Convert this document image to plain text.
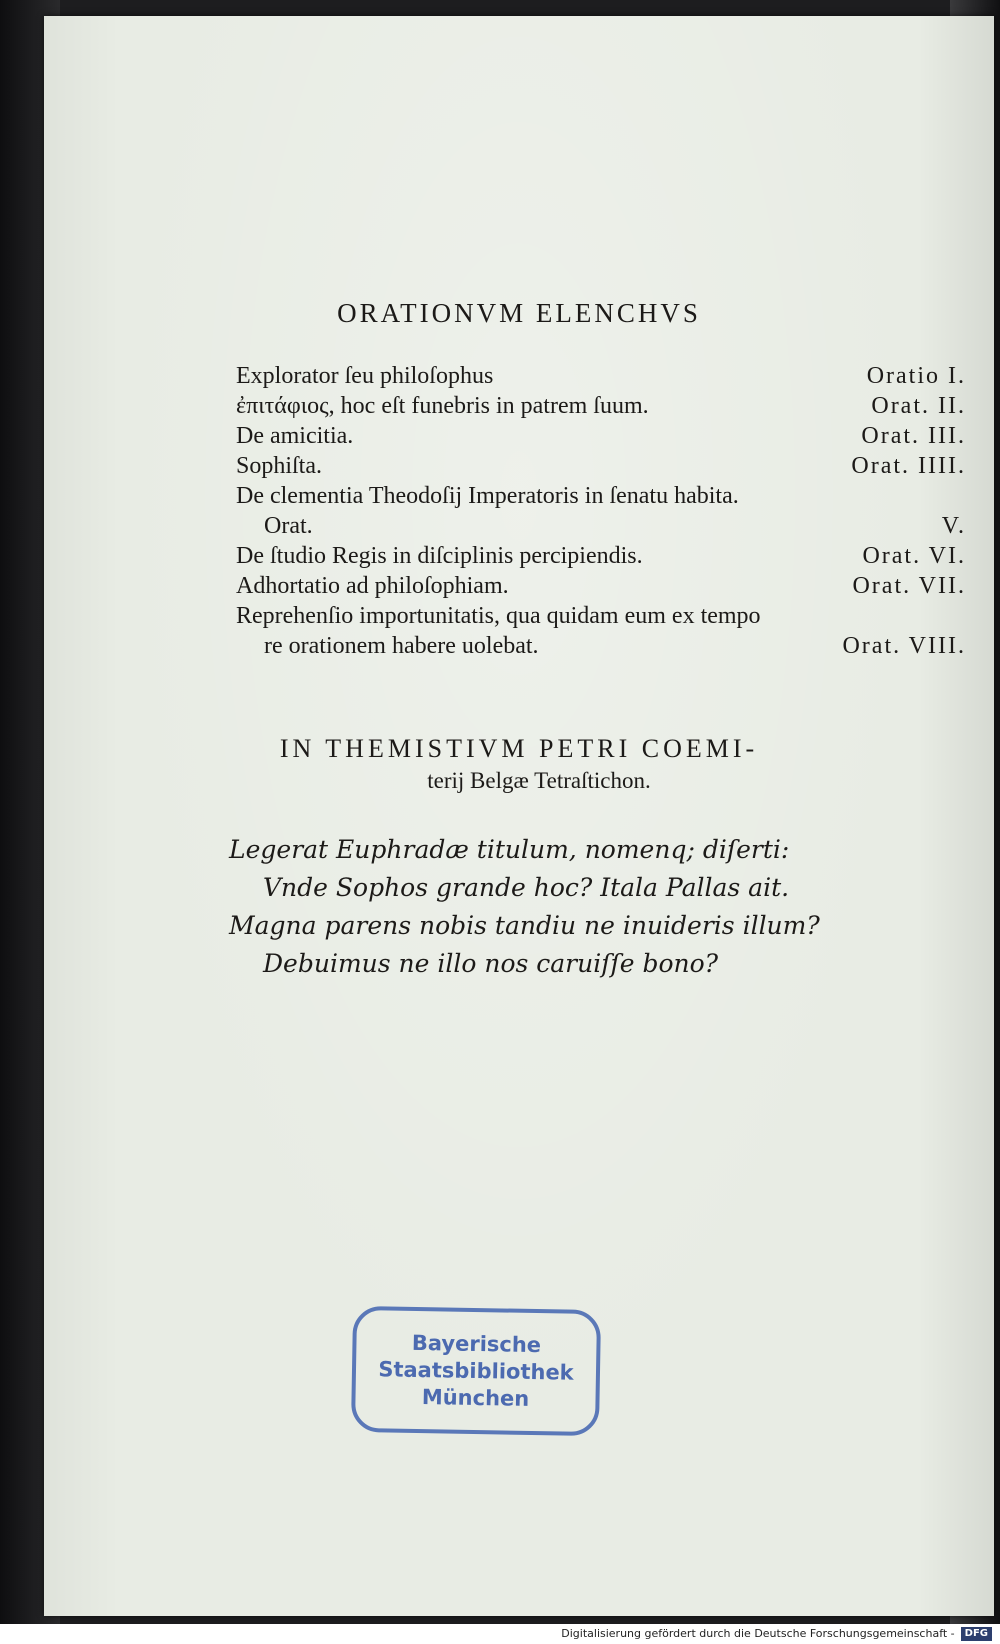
ORATIONVM ELENCHVS
Explorator ſeu philoſophus	Oratio I.
ἐπιτάφιος, hoc eſt funebris in patrem ſuum.	Orat. II.
De amicitia.	Orat. III.
Sophiſta.	Orat. IIII.
De clementia Theodoſij Imperatoris in ſenatu habita.
Orat.	V.
De ſtudio Regis in diſciplinis percipiendis.	Orat. VI.
Adhortatio ad philoſophiam.	Orat. VII.
Reprehenſio importunitatis, qua quidam eum ex tempo
re orationem habere uolebat.	Orat. VIII.
IN THEMISTIVM PETRI COEMI-
terij Belgæ Tetraſtichon.
Legerat Euphradæ titulum, nomenq; diſerti:
Vnde Sophos grande hoc? Itala Pallas ait.
Magna parens nobis tandiu ne inuideris illum?
Debuimus ne illo nos caruiſſe bono?
Bayerische
Staatsbibliothek
München
Digitalisierung gefördert durch die Deutsche Forschungsgemeinschaft - DFG
